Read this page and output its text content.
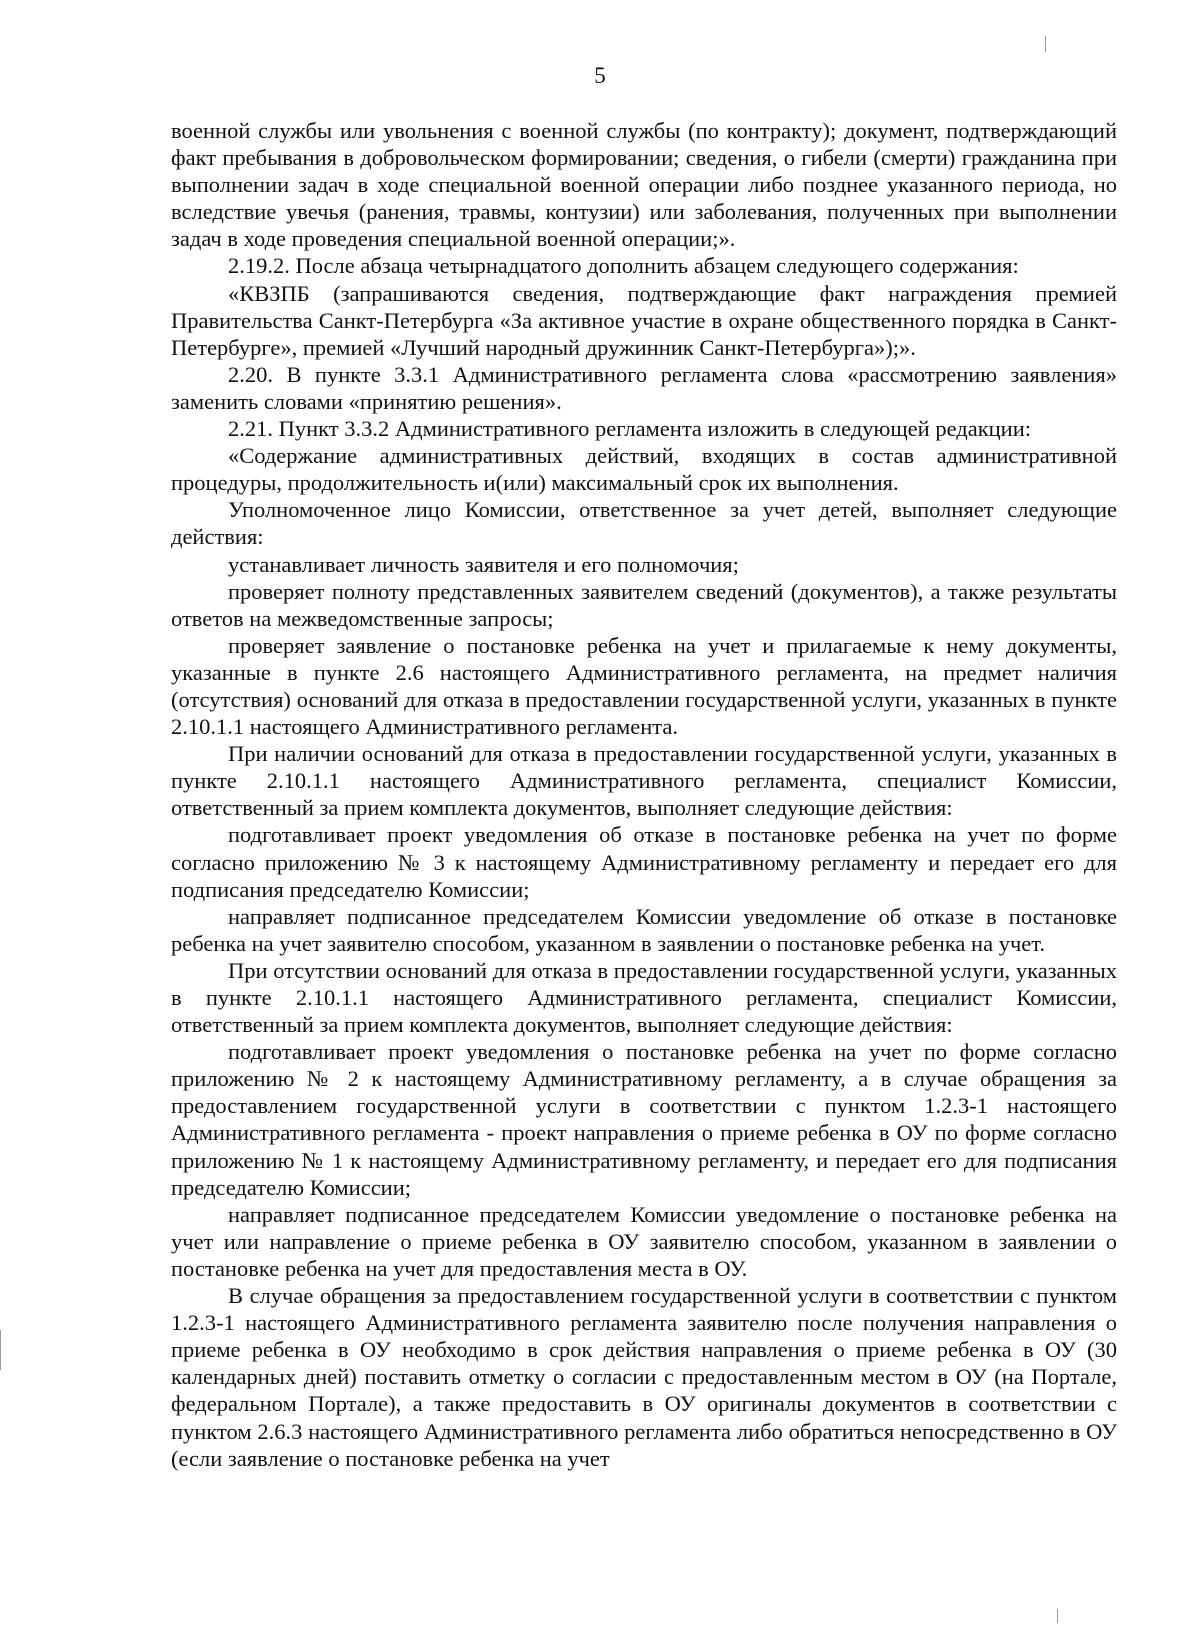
5

военной службы или увольнения с военной службы (по контракту); документ, подтверждающий факт пребывания в добровольческом формировании; сведения, о гибели (смерти) гражданина при выполнении задач в ходе специальной военной операции либо позднее указанного периода, но вследствие увечья (ранения, травмы, контузии) или заболевания, полученных при выполнении задач в ходе проведения специальной военной операции;».

2.19.2. После абзаца четырнадцатого дополнить абзацем следующего содержания:

«КВЗПБ (запрашиваются сведения, подтверждающие факт награждения премией Правительства Санкт-Петербурга «За активное участие в охране общественного порядка в Санкт-Петербурге», премией «Лучший народный дружинник Санкт-Петербурга»);».

2.20. В пункте 3.3.1 Административного регламента слова «рассмотрению заявления» заменить словами «принятию решения».

2.21. Пункт 3.3.2 Административного регламента изложить в следующей редакции:

«Содержание административных действий, входящих в состав административной процедуры, продолжительность и(или) максимальный срок их выполнения.

Уполномоченное лицо Комиссии, ответственное за учет детей, выполняет следующие действия:

устанавливает личность заявителя и его полномочия;

проверяет полноту представленных заявителем сведений (документов), а также результаты ответов на межведомственные запросы;

проверяет заявление о постановке ребенка на учет и прилагаемые к нему документы, указанные в пункте 2.6 настоящего Административного регламента, на предмет наличия (отсутствия) оснований для отказа в предоставлении государственной услуги, указанных в пункте 2.10.1.1 настоящего Административного регламента.

При наличии оснований для отказа в предоставлении государственной услуги, указанных в пункте 2.10.1.1 настоящего Административного регламента, специалист Комиссии, ответственный за прием комплекта документов, выполняет следующие действия:

подготавливает проект уведомления об отказе в постановке ребенка на учет по форме согласно приложению № 3 к настоящему Административному регламенту и передает его для подписания председателю Комиссии;

направляет подписанное председателем Комиссии уведомление об отказе в постановке ребенка на учет заявителю способом, указанном в заявлении о постановке ребенка на учет.

При отсутствии оснований для отказа в предоставлении государственной услуги, указанных в пункте 2.10.1.1 настоящего Административного регламента, специалист Комиссии, ответственный за прием комплекта документов, выполняет следующие действия:

подготавливает проект уведомления о постановке ребенка на учет по форме согласно приложению № 2 к настоящему Административному регламенту, а в случае обращения за предоставлением государственной услуги в соответствии с пунктом 1.2.3-1 настоящего Административного регламента - проект направления о приеме ребенка в ОУ по форме согласно приложению № 1 к настоящему Административному регламенту, и передает его для подписания председателю Комиссии;

направляет подписанное председателем Комиссии уведомление о постановке ребенка на учет или направление о приеме ребенка в ОУ заявителю способом, указанном в заявлении о постановке ребенка на учет для предоставления места в ОУ.

В случае обращения за предоставлением государственной услуги в соответствии с пунктом 1.2.3-1 настоящего Административного регламента заявителю после получения направления о приеме ребенка в ОУ необходимо в срок действия направления о приеме ребенка в ОУ (30 календарных дней) поставить отметку о согласии с предоставленным местом в ОУ (на Портале, федеральном Портале), а также предоставить в ОУ оригиналы документов в соответствии с пунктом 2.6.3 настоящего Административного регламента либо обратиться непосредственно в ОУ (если заявление о постановке ребенка на учет
